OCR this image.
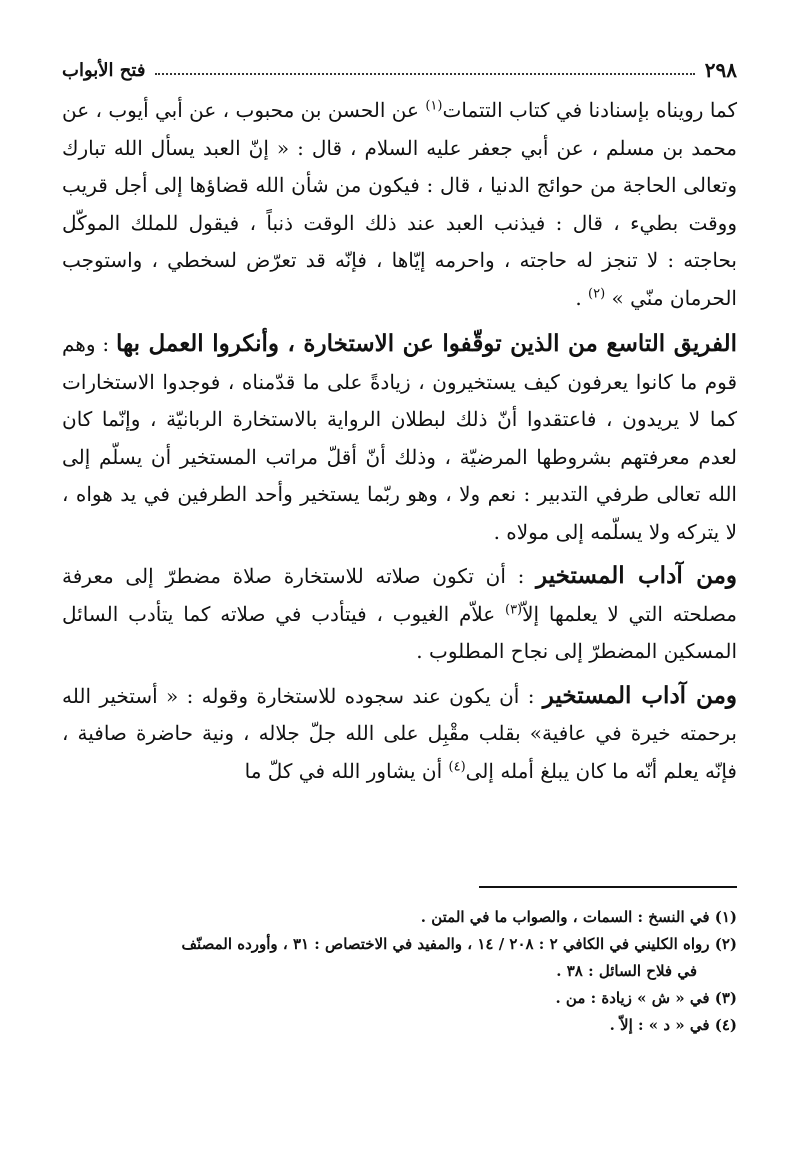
٢٩٨
فتح الأبواب

كما رويناه بإسنادنا في كتاب التتمات$^{(١)}$ عن الحسن بن محبوب ، عن أبي أيوب ، عن محمد بن مسلم ، عن أبي جعفر عليه السلام ، قال : « إنّ العبد يسأل الله تبارك وتعالى الحاجة من حوائج الدنيا ، قال : فيكون من شأن الله قضاؤها إلى أجل قريب ووقت بطيء ، قال : فيذنب العبد عند ذلك الوقت ذنباً ، فيقول للملك الموكّل بحاجته : لا تنجز له حاجته ، واحرمه إيّاها ، فإنّه قد تعرّض لسخطي ، واستوجب الحرمان منّي » $^{(٢)}$ .

الفريق التاسع من الذين توقّفوا عن الاستخارة ، وأنكروا العمل بها : وهم قوم ما كانوا يعرفون كيف يستخيرون ، زيادةً على ما قدّمناه ، فوجدوا الاستخارات كما لا يريدون ، فاعتقدوا أنّ ذلك لبطلان الرواية بالاستخارة الربانيّة ، وإنّما كان لعدم معرفتهم بشروطها المرضيّة ، وذلك أنّ أقلّ مراتب المستخير أن يسلّم إلى الله تعالى طرفي التدبير : نعم ولا ، وهو ربّما يستخير وأحد الطرفين في يد هواه ، لا يتركه ولا يسلّمه إلى مولاه .

ومن آداب المستخير : أن تكون صلاته للاستخارة صلاة مضطرّ إلى معرفة مصلحته التي لا يعلمها إلاّ$^{(٣)}$ علاّم الغيوب ، فيتأدب في صلاته كما يتأدب السائل المسكين المضطرّ إلى نجاح المطلوب .

ومن آداب المستخير : أن يكون عند سجوده للاستخارة وقوله : « أستخير الله برحمته خيرة في عافية» بقلب مقْبِل على الله جلّ جلاله ، ونية حاضرة صافية ، فإنّه يعلم أنّه ما كان يبلغ أمله إلى$^{(٤)}$ أن يشاور الله في كلّ ما

(١) في النسخ : السمات ، والصواب ما في المتن .

(٢) رواه الكليني في الكافي ٢ : ٢٠٨ / ١٤ ، والمفيد في الاختصاص : ٣١ ، وأورده المصنّف

في فلاح السائل : ٣٨ .

(٣) في « ش » زيادة : من .

(٤) في « د » : إلاّ .
